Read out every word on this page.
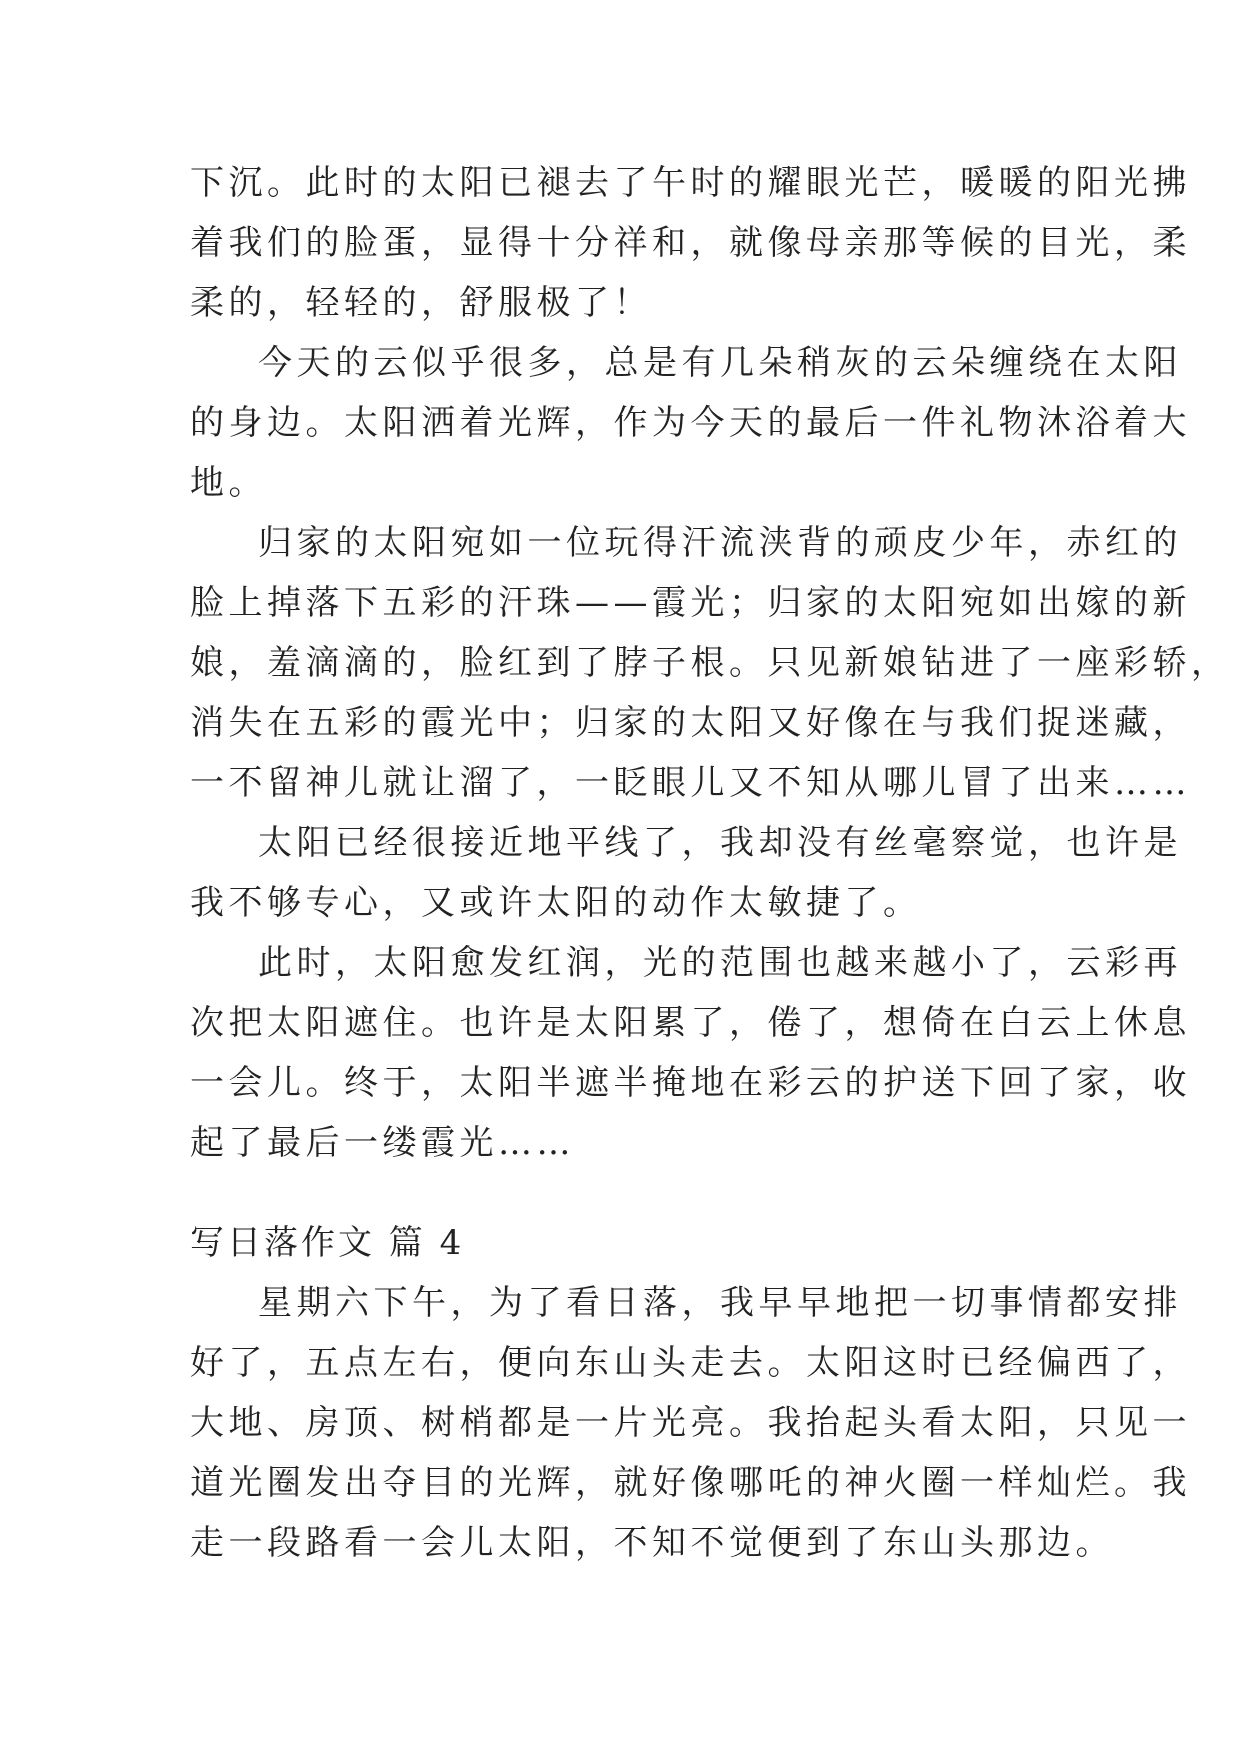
下沉。此时的太阳已褪去了午时的耀眼光芒，暖暖的阳光拂

着我们的脸蛋，显得十分祥和，就像母亲那等候的目光，柔

柔的，轻轻的，舒服极了！

今天的云似乎很多，总是有几朵稍灰的云朵缠绕在太阳

的身边。太阳洒着光辉，作为今天的最后一件礼物沐浴着大

地。

归家的太阳宛如一位玩得汗流浃背的顽皮少年，赤红的

脸上掉落下五彩的汗珠——霞光；归家的太阳宛如出嫁的新

娘，羞滴滴的，脸红到了脖子根。只见新娘钻进了一座彩轿，

消失在五彩的霞光中；归家的太阳又好像在与我们捉迷藏，

一不留神儿就让溜了，一眨眼儿又不知从哪儿冒了出来……

太阳已经很接近地平线了，我却没有丝毫察觉，也许是

我不够专心，又或许太阳的动作太敏捷了。

此时，太阳愈发红润，光的范围也越来越小了，云彩再

次把太阳遮住。也许是太阳累了，倦了，想倚在白云上休息

一会儿。终于，太阳半遮半掩地在彩云的护送下回了家，收

起了最后一缕霞光……

写日落作文 篇 4

星期六下午，为了看日落，我早早地把一切事情都安排

好了，五点左右，便向东山头走去。太阳这时已经偏西了，

大地、房顶、树梢都是一片光亮。我抬起头看太阳，只见一

道光圈发出夺目的光辉，就好像哪吒的神火圈一样灿烂。我

走一段路看一会儿太阳，不知不觉便到了东山头那边。
